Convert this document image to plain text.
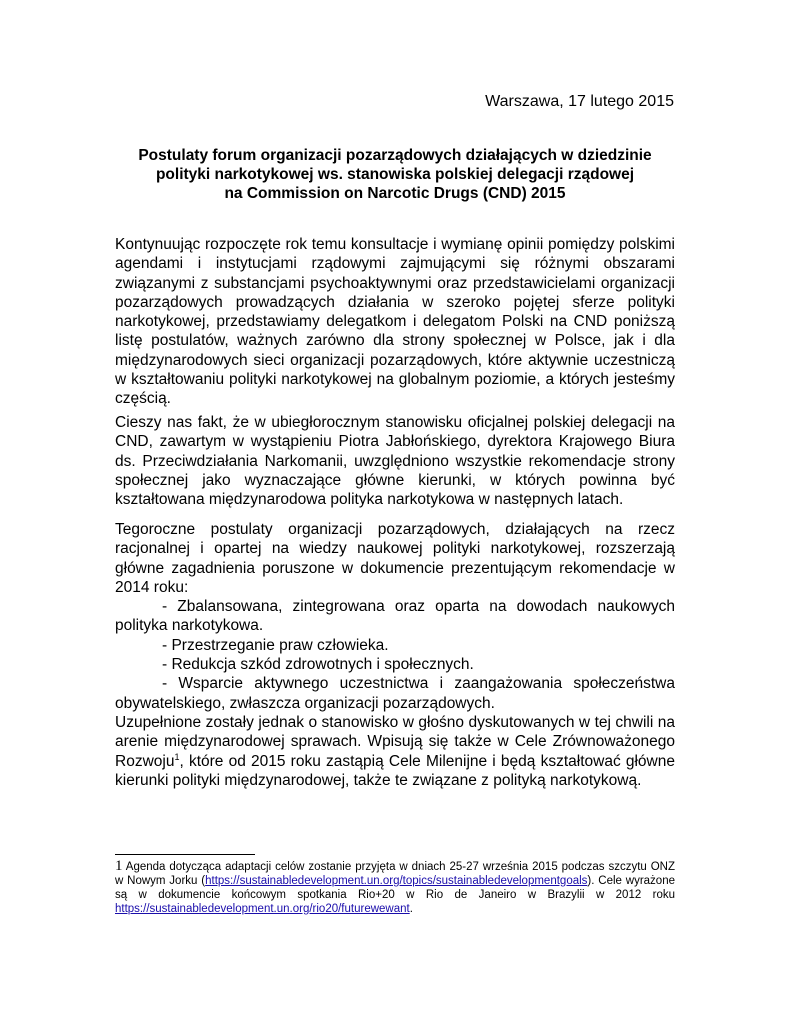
Warszawa, 17 lutego 2015
Postulaty forum organizacji pozarządowych działających w dziedzinie
polityki narkotykowej ws. stanowiska polskiej delegacji rządowej
na Commission on Narcotic Drugs (CND) 2015

Kontynuując rozpoczęte rok temu konsultacje i wymianę opinii pomiędzy polskimi agendami i instytucjami rządowymi zajmującymi się różnymi obszarami związanymi z substancjami psychoaktywnymi oraz przedstawicielami organizacji pozarządowych prowadzących działania w szeroko pojętej sferze polityki narkotykowej, przedstawiamy delegatkom i delegatom Polski na CND poniższą listę postulatów, ważnych zarówno dla strony społecznej w Polsce, jak i dla międzynarodowych sieci organizacji pozarządowych, które aktywnie uczestniczą w kształtowaniu polityki narkotykowej na globalnym poziomie, a których jesteśmy częścią.

Cieszy nas fakt, że w ubiegłorocznym stanowisku oficjalnej polskiej delegacji na CND, zawartym w wystąpieniu Piotra Jabłońskiego, dyrektora Krajowego Biura ds. Przeciwdziałania Narkomanii, uwzględniono wszystkie rekomendacje strony społecznej jako wyznaczające główne kierunki, w których powinna być kształtowana międzynarodowa polityka narkotykowa w następnych latach.

Tegoroczne postulaty organizacji pozarządowych, działających na rzecz racjonalnej i opartej na wiedzy naukowej polityki narkotykowej, rozszerzają główne zagadnienia poruszone w dokumencie prezentującym rekomendacje w 2014 roku:

- Zbalansowana, zintegrowana oraz oparta na dowodach naukowych polityka narkotykowa.

- Przestrzeganie praw człowieka.

- Redukcja szkód zdrowotnych i społecznych.

- Wsparcie aktywnego uczestnictwa i zaangażowania społeczeństwa obywatelskiego, zwłaszcza organizacji pozarządowych.

Uzupełnione zostały jednak o stanowisko w głośno dyskutowanych w tej chwili na arenie międzynarodowej sprawach. Wpisują się także w Cele Zrównoważonego Rozwoju$^1$, które od 2015 roku zastąpią Cele Milenijne i będą kształtować główne kierunki polityki międzynarodowej, także te związane z polityką narkotykową.

1 Agenda dotycząca adaptacji celów zostanie przyjęta w dniach 25-27 września 2015 podczas szczytu ONZ w Nowym Jorku (https://sustainabledevelopment.un.org/topics/sustainabledevelopmentgoals). Cele wyrażone są w dokumencie końcowym spotkania Rio+20 w Rio de Janeiro w Brazylii w 2012 roku https://sustainabledevelopment.un.org/rio20/futurewewant.
